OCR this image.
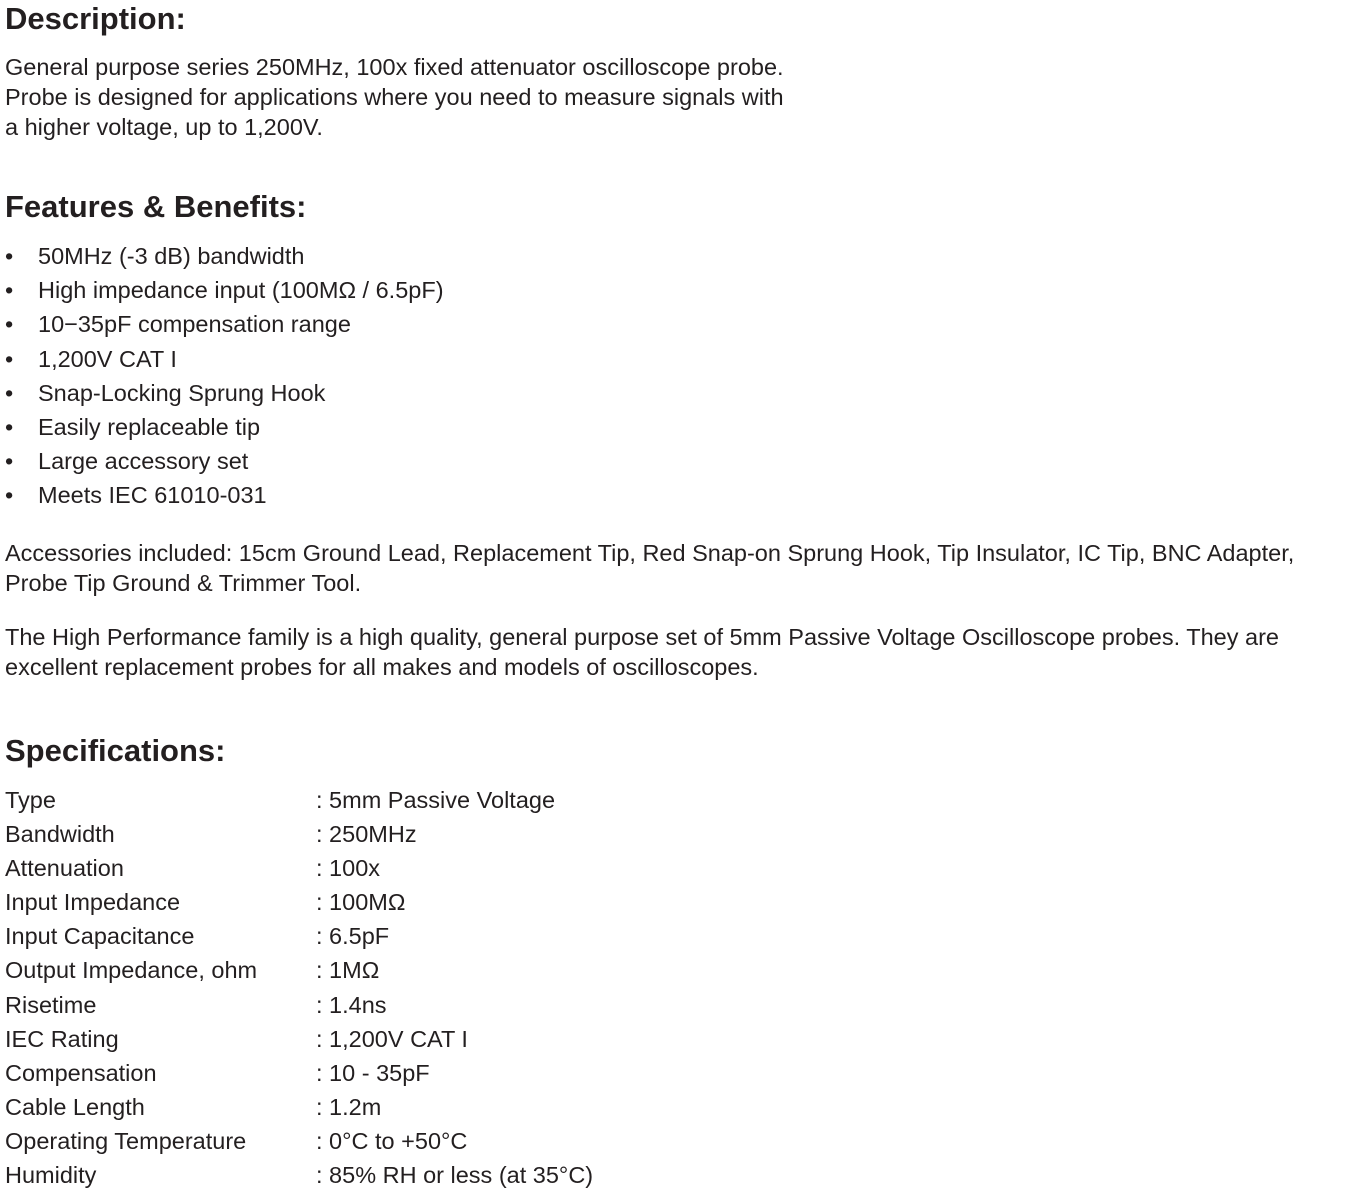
Description:
General purpose series 250MHz, 100x fixed attenuator oscilloscope probe.
Probe is designed for applications where you need to measure signals with
a higher voltage, up to 1,200V.
Features & Benefits:
• 50MHz (-3 dB) bandwidth
• High impedance input (100MΩ / 6.5pF)
• 10−35pF compensation range
• 1,200V CAT I
• Snap-Locking Sprung Hook
• Easily replaceable tip
• Large accessory set
• Meets IEC 61010-031
Accessories included: 15cm Ground Lead, Replacement Tip, Red Snap-on Sprung Hook, Tip Insulator, IC Tip, BNC Adapter,
Probe Tip Ground & Trimmer Tool.
The High Performance family is a high quality, general purpose set of 5mm Passive Voltage Oscilloscope probes. They are
excellent replacement probes for all makes and models of oscilloscopes.
Specifications:
Type	: 5mm Passive Voltage
Bandwidth	: 250MHz
Attenuation	: 100x
Input Impedance	: 100MΩ
Input Capacitance	: 6.5pF
Output Impedance, ohm	: 1MΩ
Risetime	: 1.4ns
IEC Rating	: 1,200V CAT I
Compensation	: 10 - 35pF
Cable Length	: 1.2m
Operating Temperature	: 0°C to +50°C
Humidity	: 85% RH or less (at 35°C)
